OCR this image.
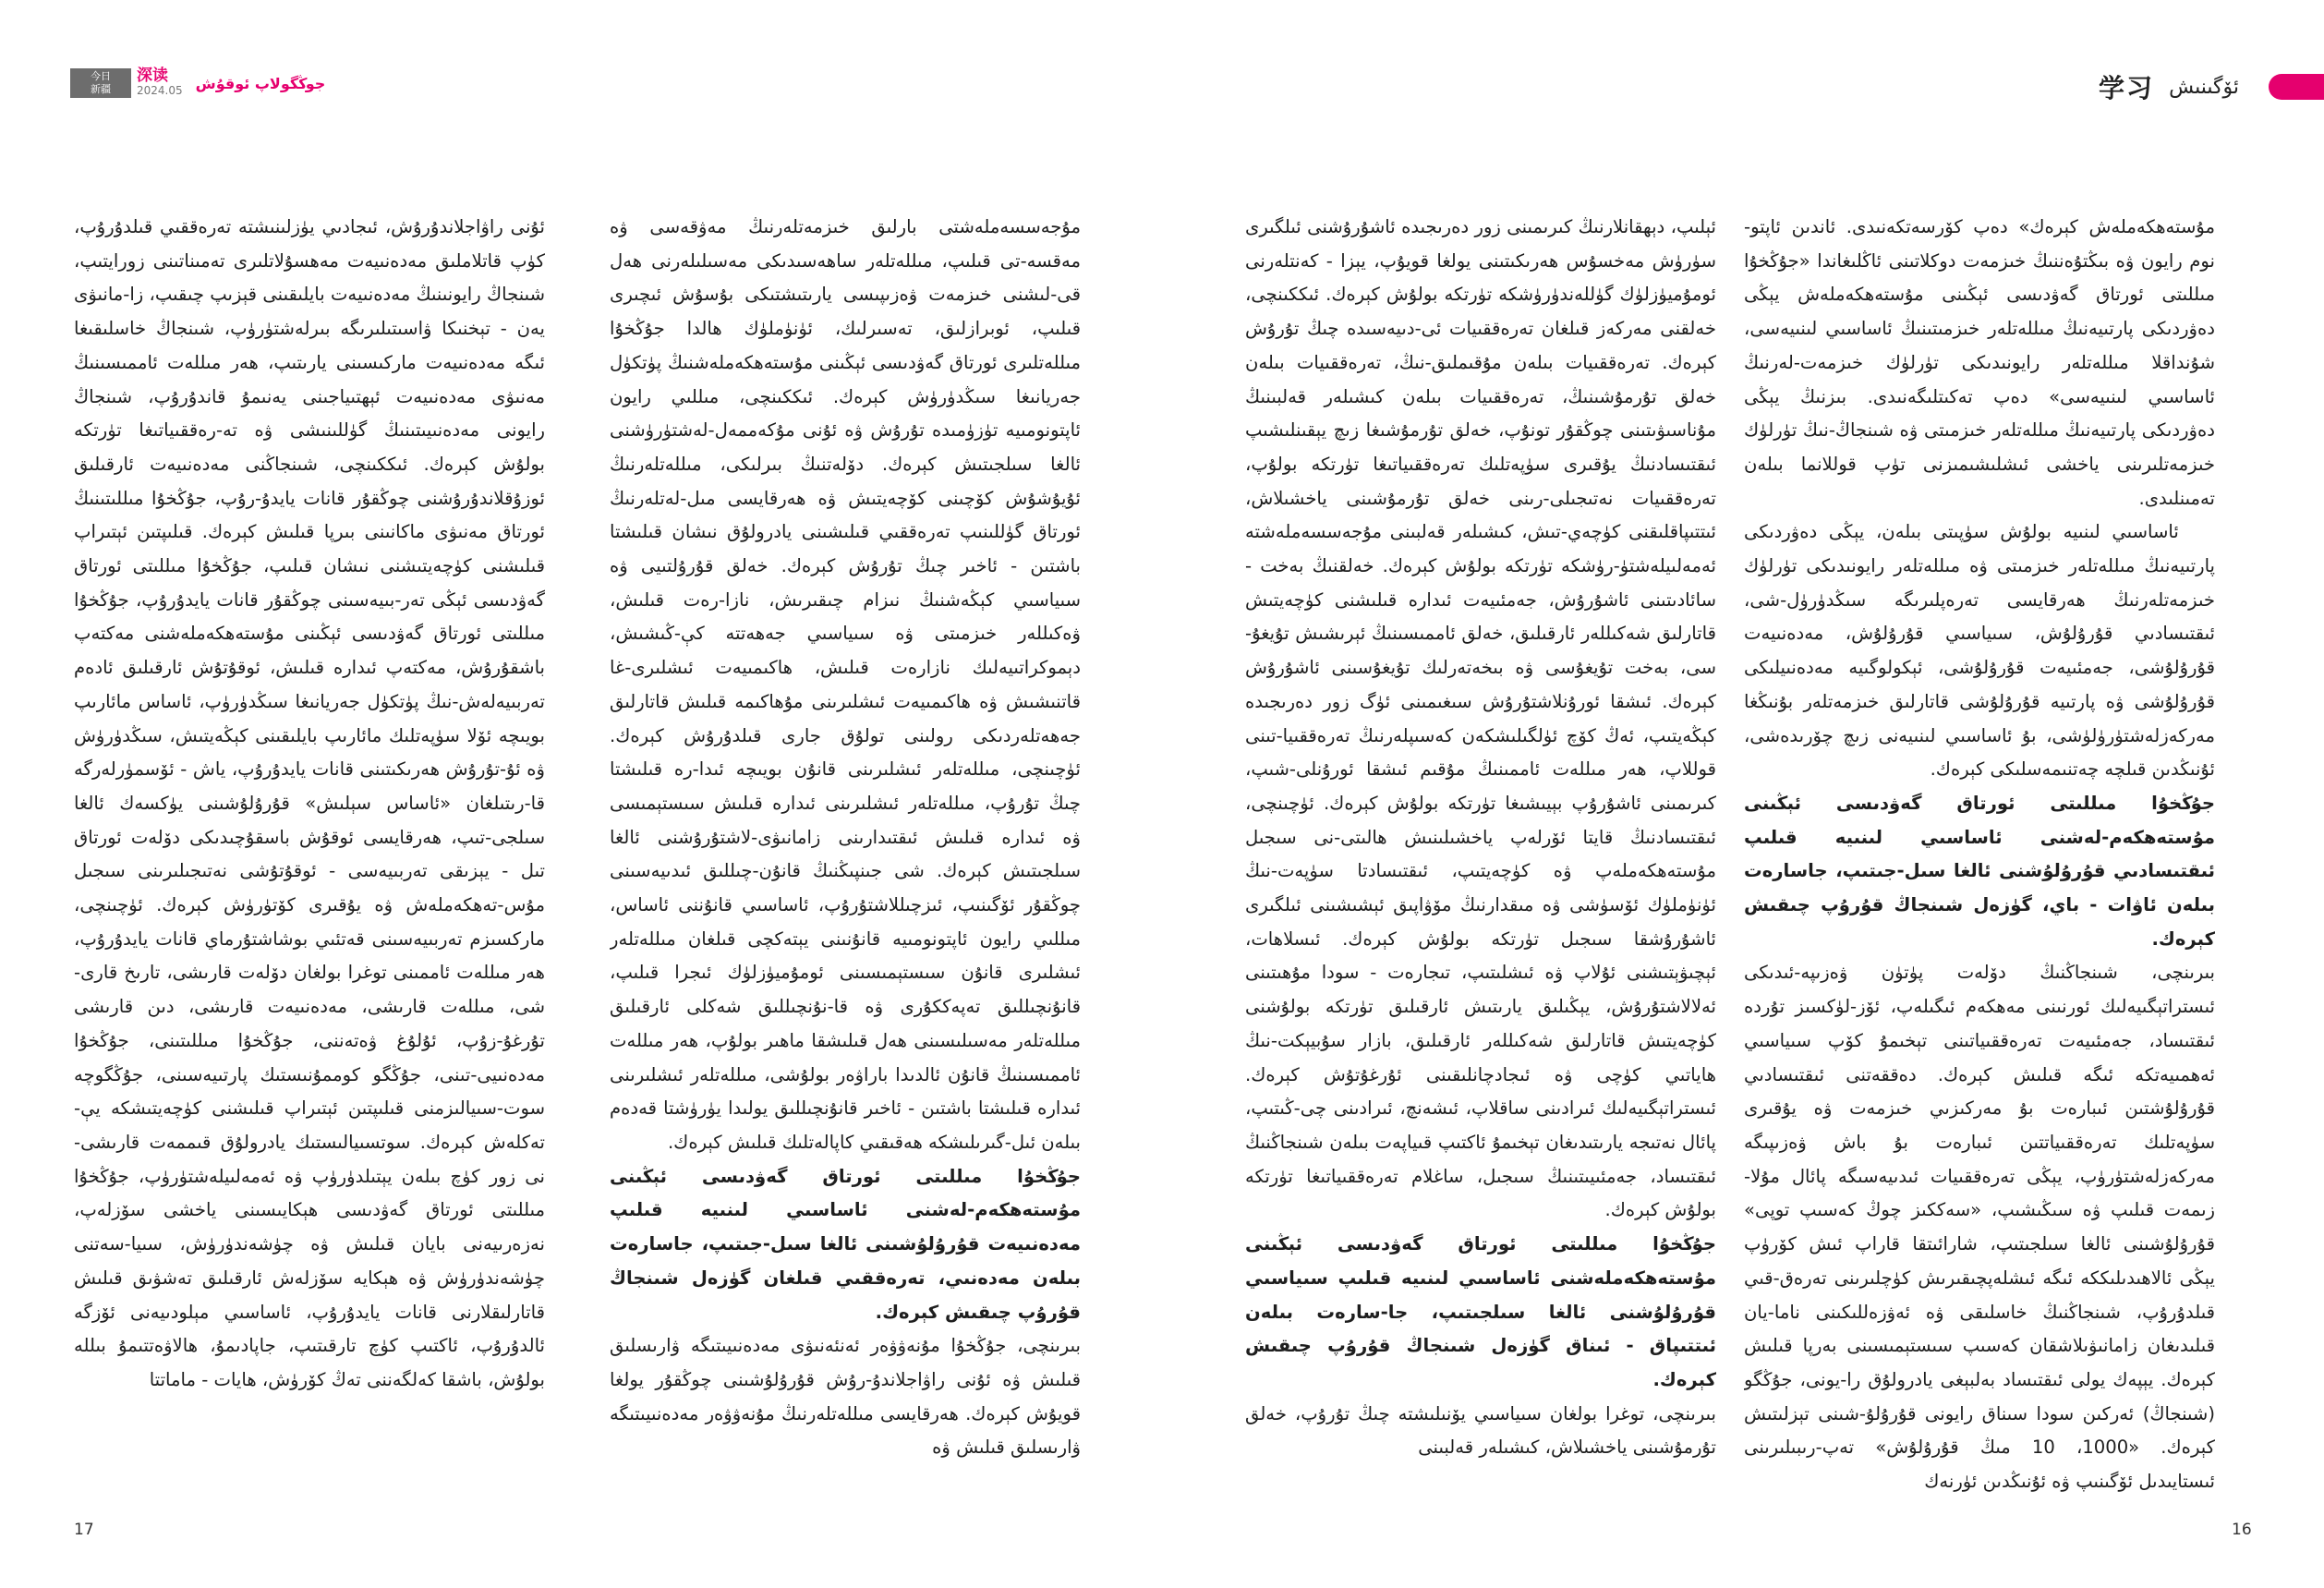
今日
新疆
深读
2024.05 جوڭگولاپ ئوقۇش

مۇجەسسەملەشتى بارلىق خىزمەتلەرنىڭ مەۋقەسى ۋە مەقسە-تى قىلىپ، مىللەتلەر ساھەسىدىكى مەسىلىلەرنى ھەل قى-لىشنى خىزمەت ۋەزىپىسى يارىتىشتىكى بۇسۇش ئىچىرى قىلىپ، ئوبرازلىق، تەسىرلىك، ئۈنۈملۈك ھالدا جۇڭخۇا مىللەتلىرى ئورتاق گەۋدىسى ئېڭىنى مۇستەھكەملەشنىڭ پۈتكۈل جەريانىغا سىڭدۈرۈش كېرەك. ئىككىنچى، مىللىي رايون ئاپتونومىيە تۈزۈمىدە تۇرۇش ۋە ئۇنى مۇكەممەل-لەشتۈرۈشنى ئالغا سىلجىتىش كېرەك. دۆلەتنىڭ بىرلىكى، مىللەتلەرنىڭ ئۇيۇشۇش كۆچىنى كۆچەيتىش ۋە ھەرقايسى مىل-لەتلەرنىڭ ئورتاق گۈللىنىپ تەرەققىي قىلىشىنى يادرولۇق نىشان قىلىشتا باشتىن - ئاخىر چىڭ تۇرۇش كېرەك. خەلق قۇرۇلتىيى ۋە سىياسىي كېڭەشنىڭ نىزام چىقىرىش، نازا-رەت قىلىش، ۋەكىللەر خىزمىتى ۋە سىياسىي جەھەتتە كې-ڭىشىش، دېموكراتىيەلىك نازارەت قىلىش، ھاكىمىيەت ئىشلىرى-غا قاتنىشىش ۋە ھاكىمىيەت ئىشلىرىنى مۇھاكىمە قىلىش قاتارلىق جەھەتلەردىكى رولىنى تولۇق جارى قىلدۇرۇش كېرەك. ئۈچىنچى، مىللەتلەر ئىشلىرىنى قانۇن بويىچە ئىدا-رە قىلىشتا چىڭ تۇرۇپ، مىللەتلەر ئىشلىرىنى ئىدارە قىلىش سىستېمىسى ۋە ئىدارە قىلىش ئىقتىدارىنى زامانىۋى-لاشتۇرۇشنى ئالغا سىلجىتىش كېرەك. شى جىنپىڭنىڭ قانۇن-چىللىق ئىدىيەسىنى چوڭقۇر ئۆگىنىپ، ئىزچىللاشتۇرۇپ، ئاساسىي قانۇننى ئاساس، مىللىي رايون ئاپتونومىيە قانۇنىنى يېتەكچى قىلغان مىللەتلەر ئىشلىرى قانۇن سىستېمىسىنى ئومۇميۈزلۈك ئىجرا قىلىپ، قانۇنچىللىق تەپەككۇرى ۋە قا-نۇنچىللىق شەكلى ئارقىلىق مىللەتلەر مەسىلىسىنى ھەل قىلىشقا ماھىر بولۇپ، ھەر مىللەت ئاممىسىنىڭ قانۇن ئالدىدا باراۋەر بولۇشى، مىللەتلەر ئىشلىرىنى ئىدارە قىلىشتا باشتىن - ئاخىر قانۇنچىللىق يولىدا يۈرۈشتا قەدەم بىلەن ئىل-گىرىلىشكە ھەقىقىي كاپالەتلىك قىلىش كېرەك.

جۇڭخۇا مىللىتى ئورتاق گەۋدىسى ئېڭىنى مۇستەھكەم-لەشنى ئاساسىي لىنىيە قىلىپ مەدەنىيەت قۇرۇلۇشىنى ئالغا سىل-جىتىپ، جاسارەت بىلەن مەدەنىي، تەرەققىي قىلغان گۈزەل شىنجاڭ قۇرۇپ چىقىش كېرەك.

بىرىنچى، جۇڭخۇا مۇنەۋۋەر ئەنئەنىۋى مەدەنىيىتىگە ۋارىسلىق قىلىش ۋە ئۇنى راۋاجلاندۇ-رۇش قۇرۇلۇشىنى چوڭقۇر يولغا قويۇش كېرەك. ھەرقايسى مىللەتلەرنىڭ مۇنەۋۋەر مەدەنىيىتىگە ۋارىسلىق قىلىش ۋە

ئۇنى راۋاجلاندۇرۇش، ئىجادىي يۈزلىنىشتە تەرەققىي قىلدۇرۇپ، كۈپ قاتلاملىق مەدەنىيەت مەھسۇلاتلىرى تەمىناتىنى زورايتىپ، شىنجاڭ رايونىنىڭ مەدەنىيەت بايلىقىنى قېزىپ چىقىپ، زا-مانىۋى يەن - تېخنىكا ۋاسىتىلىرىگە بىرلەشتۈرۈپ، شىنجاڭ خاسلىقىغا ئىگە مەدەنىيەت ماركىسىنى يارىتىپ، ھەر مىللەت ئاممىسىنىڭ مەنىۋى مەدەنىيەت ئېھتىياجىنى يەنىمۇ قاندۇرۇپ، شىنجاڭ رايونى مەدەنىيىتىنىڭ گۈللىنىشى ۋە تە-رەققىياتىغا تۈرتكە بولۇش كېرەك. ئىككىنچى، شىنجاڭنى مەدەنىيەت ئارقىلىق ئوزۇقلاندۇرۇشنى چوڭقۇر قانات يايدۇ-رۇپ، جۇڭخۇا مىللىتىنىڭ ئورتاق مەنىۋى ماكانىنى بىرپا قىلىش كېرەك. قىلىپتىن ئېتىراپ قىلىشنى كۈچەيتىشنى نىشان قىلىپ، جۇڭخۇا مىللىتى ئورتاق گەۋدىسى ئېڭى تەر-بىيەسىنى چوڭقۇر قانات يايدۇرۇپ، جۇڭخۇا مىللىتى ئورتاق گەۋدىسى ئېڭىنى مۇستەھكەملەشنى مەكتەپ باشقۇرۇش، مەكتەپ ئىدارە قىلىش، ئوقۇتۇش ئارقىلىق ئادەم تەربىيەلەش-نىڭ پۈتكۈل جەريانىغا سىڭدۈرۈپ، ئاساس مائارىپ بويىچە ئۆلا سۈپەتلىك مائارىپ بايلىقىنى كېڭەيتىش، سىڭدۈرۈش ۋە ئۇ-تۇرۇش ھەرىكىتىنى قانات يايدۇرۇپ، ياش - ئۆسمۈرلەرگە قا-رىتىلغان «ئاساس سېلىش» قۇرۇلۇشىنى يۈكسەك ئالغا سىلجى-تىپ، ھەرقايسى ئوقۇش باسقۇچىدىكى دۆلەت ئورتاق تىل - يېزىقى تەربىيەسى - ئوقۇتۇشى نەتىجىلىرىنى سىجىل مۇس-تەھكەملەش ۋە يۇقىرى كۆتۈرۈش كېرەك. ئۈچىنچى، ماركسىزم تەربىيەسىنى قەتئىي بوشاشتۇرماي قانات يايدۇرۇپ، ھەر مىللەت ئاممىنى توغرا بولغان دۆلەت قارىشى، تارىخ قارى-شى، مىللەت قارىشى، مەدەنىيەت قارىشى، دىن قارىشى تۇرغۇ-زۇپ، ئۇلۇغ ۋەتەننى، جۇڭخۇا مىللىتىنى، جۇڭخۇا مەدەنىيى-تىنى، جۇڭگو كوممۇنىستىك پارتىيەسىنى، جۇڭگوچە سوت-سىيالىزمنى قىلىپتىن ئېتىراپ قىلىشنى كۈچەيتىشكە يې-تەكلەش كېرەك. سوتسىيالىستىك يادرولۇق قىممەت قارىشى-نى زور كۈچ بىلەن يېتىلدۈرۈپ ۋە ئەمەلىيلەشتۈرۈپ، جۇڭخۇا مىللىتى ئورتاق گەۋدىسى ھېكايىسىنى ياخشى سۆزلەپ، نەزەرىيەنى بايان قىلىش ۋە چۈشەندۈرۈش، سىيا-سەتنى چۈشەندۈرۈش ۋە ھېكايە سۆزلەش ئارقىلىق تەشۋىق قىلىش قاتارلىقلارنى قانات يايدۇرۇپ، ئاساسىي مېلودىيەنى ئۆزگە ئالدۇرۇپ، ئاكتىپ كۈچ تارقىتىپ، جاپادىمۇ، ھالاۋەتتىمۇ بىللە بولۇش، باشقا كەلگەننى تەڭ كۆرۈش، ھايات - ماماتتا

17
学习 ئۆگىنىش

مۇستەھكەملەش كېرەك» دەپ كۆرسەتكەنىدى. ئاندىن ئاپتو-نوم رايون ۋە بىڭتۇەننىڭ خىزمەت دوكلاتىنى ئاڭلىغاندا «جۇڭخۇا مىللىتى ئورتاق گەۋدىسى ئېڭىنى مۇستەھكەملەش يېڭى دەۋردىكى پارتىيەنىڭ مىللەتلەر خىزمىتىنىڭ ئاساسىي لىنىيەسى، شۇنداقلا مىللەتلەر رايونىدىكى تۈرلۈك خىزمەت-لەرنىڭ ئاساسىي لىنىيەسى» دەپ تەكىتلىگەنىدى. بىزنىڭ يېڭى دەۋردىكى پارتىيەنىڭ مىللەتلەر خىزمىتى ۋە شىنجاڭ-نىڭ تۈرلۈك خىزمەتلىرىنى ياخشى ئىشلىشىمىزنى تۈپ قوللانما بىلەن تەمىنلىدى.

ئاساسىي لىنىيە بولۇش سۈپىتى بىلەن، يېڭى دەۋردىكى پارتىيەنىڭ مىللەتلەر خىزمىتى ۋە مىللەتلەر رايونىدىكى تۈرلۈك خىزمەتلەرنىڭ ھەرقايسى تەرەپلىرىگە سىڭدۈرۈل-شى، ئىقتىسادىي قۇرۇلۇش، سىياسىي قۇرۇلۇش، مەدەنىيەت قۇرۇلۇشى، جەمئىيەت قۇرۇلۇشى، ئېكولوگىيە مەدەنىيلىكى قۇرۇلۇشى ۋە پارتىيە قۇرۇلۇشى قاتارلىق خىزمەتلەر بۇنىڭغا مەركەزلەشتۈرۈلۈشى، بۇ ئاساسىي لىنىيەنى زىچ چۆرىدەشى، ئۇنىڭدىن قىلچە چەتنىمەسلىكى كېرەك.

جۇڭخۇا مىللىتى ئورتاق گەۋدىسى ئېڭىنى مۇستەھكەم-لەشنى ئاساسىي لىنىيە قىلىپ ئىقتىسادىي قۇرۇلۇشنى ئالغا سىل-جىتىپ، جاسارەت بىلەن ئاۋات - باي، گۈزەل شىنجاڭ قۇرۇپ چىقىش كېرەك.

بىرىنچى، شىنجاڭنىڭ دۆلەت پۈتۈن ۋەزىپە-ئىدىكى ئىستراتېگىيەلىك ئورنىنى مەھكەم ئىگىلەپ، ئۆز-لۈكسىز تۇردە ئىقتىساد، جەمئىيەت تەرەققىياتىنى تېخىمۇ كۆپ سىياسىي ئەھمىيەتكە ئىگە قىلىش كېرەك. دەققەتنى ئىقتىسادىي قۇرۇلۇشتىن ئىبارەت بۇ مەركىزىي خىزمەت ۋە يۇقىرى سۈپەتلىك تەرەققىياتتىن ئىبارەت بۇ باش ۋەزىپىگە مەركەزلەشتۈرۈپ، يېڭى تەرەققىيات ئىدىيەسىگە پائال مۇلا-زىمەت قىلىپ ۋە سىڭىشىپ، «سەككىز چوڭ كەسىپ توپى» قۇرۇلۇشىنى ئالغا سىلجىتىپ، شارائىتقا قاراپ ئىش كۆرۈپ يېڭى ئالاھىدىلىككە ئىگە ئىشلەپچىقىرىش كۈچلىرىنى تەرەق-قىي قىلدۇرۇپ، شىنجاڭنىڭ خاسلىقى ۋە ئەۋزەللىكىنى ناما-يان قىلىدىغان زامانىۋىلاشقان كەسىپ سىستېمىسىنى بەرپا قىلىش كېرەك. يېپەك يولى ئىقتىساد بەلبېغى يادرولۇق را-يونى، جۇڭگو (شىنجاڭ) ئەركىن سودا سىناق رايونى قۇرۇلۇ-شىنى تېزلىتىش كېرەك. «1000، 10 مىڭ قۇرۇلۇش» تەپ-رىبىلىرىنى ئىستايىدىل ئۆگىنىپ ۋە ئۇنىڭدىن ئۈرنەك

ئېلىپ، دېھقانلارنىڭ كىرىمىنى زور دەرىجىدە ئاشۇرۇشنى ئىلگىرى سۈرۈش مەخسۇس ھەرىكىتىنى يولغا قويۇپ، يېزا - كەنتلەرنى ئومۇميۈزلۈك گۈللەندۈرۈشكە تۈرتكە بولۇش كېرەك. ئىككىنچى، خەلقنى مەركەز قىلغان تەرەققىيات ئى-دىيەسىدە چىڭ تۇرۇش كېرەك. تەرەققىيات بىلەن مۇقىملىق-نىڭ، تەرەققىيات بىلەن خەلق تۇرمۇشىنىڭ، تەرەققىيات بىلەن كىشىلەر قەلبىنىڭ مۇناسىۋىتىنى چوڭقۇر تونۇپ، خەلق تۇرمۇشىغا زىچ يېقىنلىشىپ ئىقتىسادنىڭ يۇقىرى سۈپەتلىك تەرەققىياتىغا تۈرتكە بولۇپ، تەرەققىيات نەتىجىلى-رىنى خەلق تۇرمۇشىنى ياخشىلاش، ئىتتىپاقلىقنى كۈچەي-تىش، كىشىلەر قەلبىنى مۇجەسسەملەشتە ئەمەلىيلەشتۈ-رۈشكە تۈرتكە بولۇش كېرەك. خەلقنىڭ بەخت - سائادىتىنى ئاشۇرۇش، جەمئىيەت ئىدارە قىلىشنى كۈچەيتىش قاتارلىق شەكىللەر ئارقىلىق، خەلق ئاممىسىنىڭ ئېرىشىش تۇيغۇ-سى، بەخت تۇيغۇسى ۋە بىخەتەرلىك تۇيغۇسىنى ئاشۇرۇش كېرەك. ئىشقا ئورۇنلاشتۇرۇش سىغىمىنى ئۈگ زور دەرىجىدە كېڭەيتىپ، ئەڭ كۆچ ئۈلگىلىشكەن كەسىپلەرنىڭ تەرەققىيا-تىنى قوللاپ، ھەر مىللەت ئاممىنىڭ مۇقىم ئىشقا ئورۇنلى-شىپ، كىرىمىنى ئاشۇرۇپ بېيىشىغا تۈرتكە بولۇش كېرەك. ئۈچىنچى، ئىقتىسادنىڭ قايتا ئۆرلەپ ياخشىلىنىش ھالىتى-نى سىجىل مۇستەھكەملەپ ۋە كۈچەيتىپ، ئىقتىسادتا سۈپەت-نىڭ ئۈنۈملۈك ئۆسۈشى ۋە مىقدارنىڭ مۆۋاپىق ئېشىشىنى ئىلگىرى ئاشۇرۇشقا سىجىل تۈرتكە بولۇش كېرەك. ئىسلاھات، ئېچىۋېتىشنى ئۇلاپ ۋە ئىشلىتىپ، تىجارەت - سودا مۇھىتىنى ئەلالاشتۇرۇش، يېڭىلىق يارىتىش ئارقىلىق تۈرتكە بولۇشنى كۈچەيتىش قاتارلىق شەكىللەر ئارقىلىق، بازار سۇبيېكت-نىڭ ھاياتىي كۈچى ۋە ئىجادچانلىقىنى ئۇرغۇتۇش كېرەك. ئىستراتېگىيەلىك ئىرادىنى ساقلاپ، ئىشەنچ، ئىرادىنى چى-ڭىتىپ، پائال نەتىجە يارىتىدىغان تېخىمۇ ئاكتىپ قىياپەت بىلەن شىنجاڭنىڭ ئىقتىساد، جەمئىيىتىنىڭ سىجىل، ساغلام تەرەققىياتىغا تۈرتكە بولۇش كېرەك.

جۇڭخۇا مىللىتى ئورتاق گەۋدىسى ئېڭىنى مۇستەھكەملەشنى ئاساسىي لىنىيە قىلىپ سىياسىي قۇرۇلۇشنى ئالغا سىلجىتىپ، جا-سارەت بىلەن ئىتتىپاق - ئىناق گۈزەل شىنجاڭ قۇرۇپ چىقىش كېرەك.

بىرىنچى، توغرا بولغان سىياسىي يۆنىلىشتە چىڭ تۇرۇپ، خەلق تۇرمۇشىنى ياخشىلاش، كىشىلەر قەلبىنى

16
